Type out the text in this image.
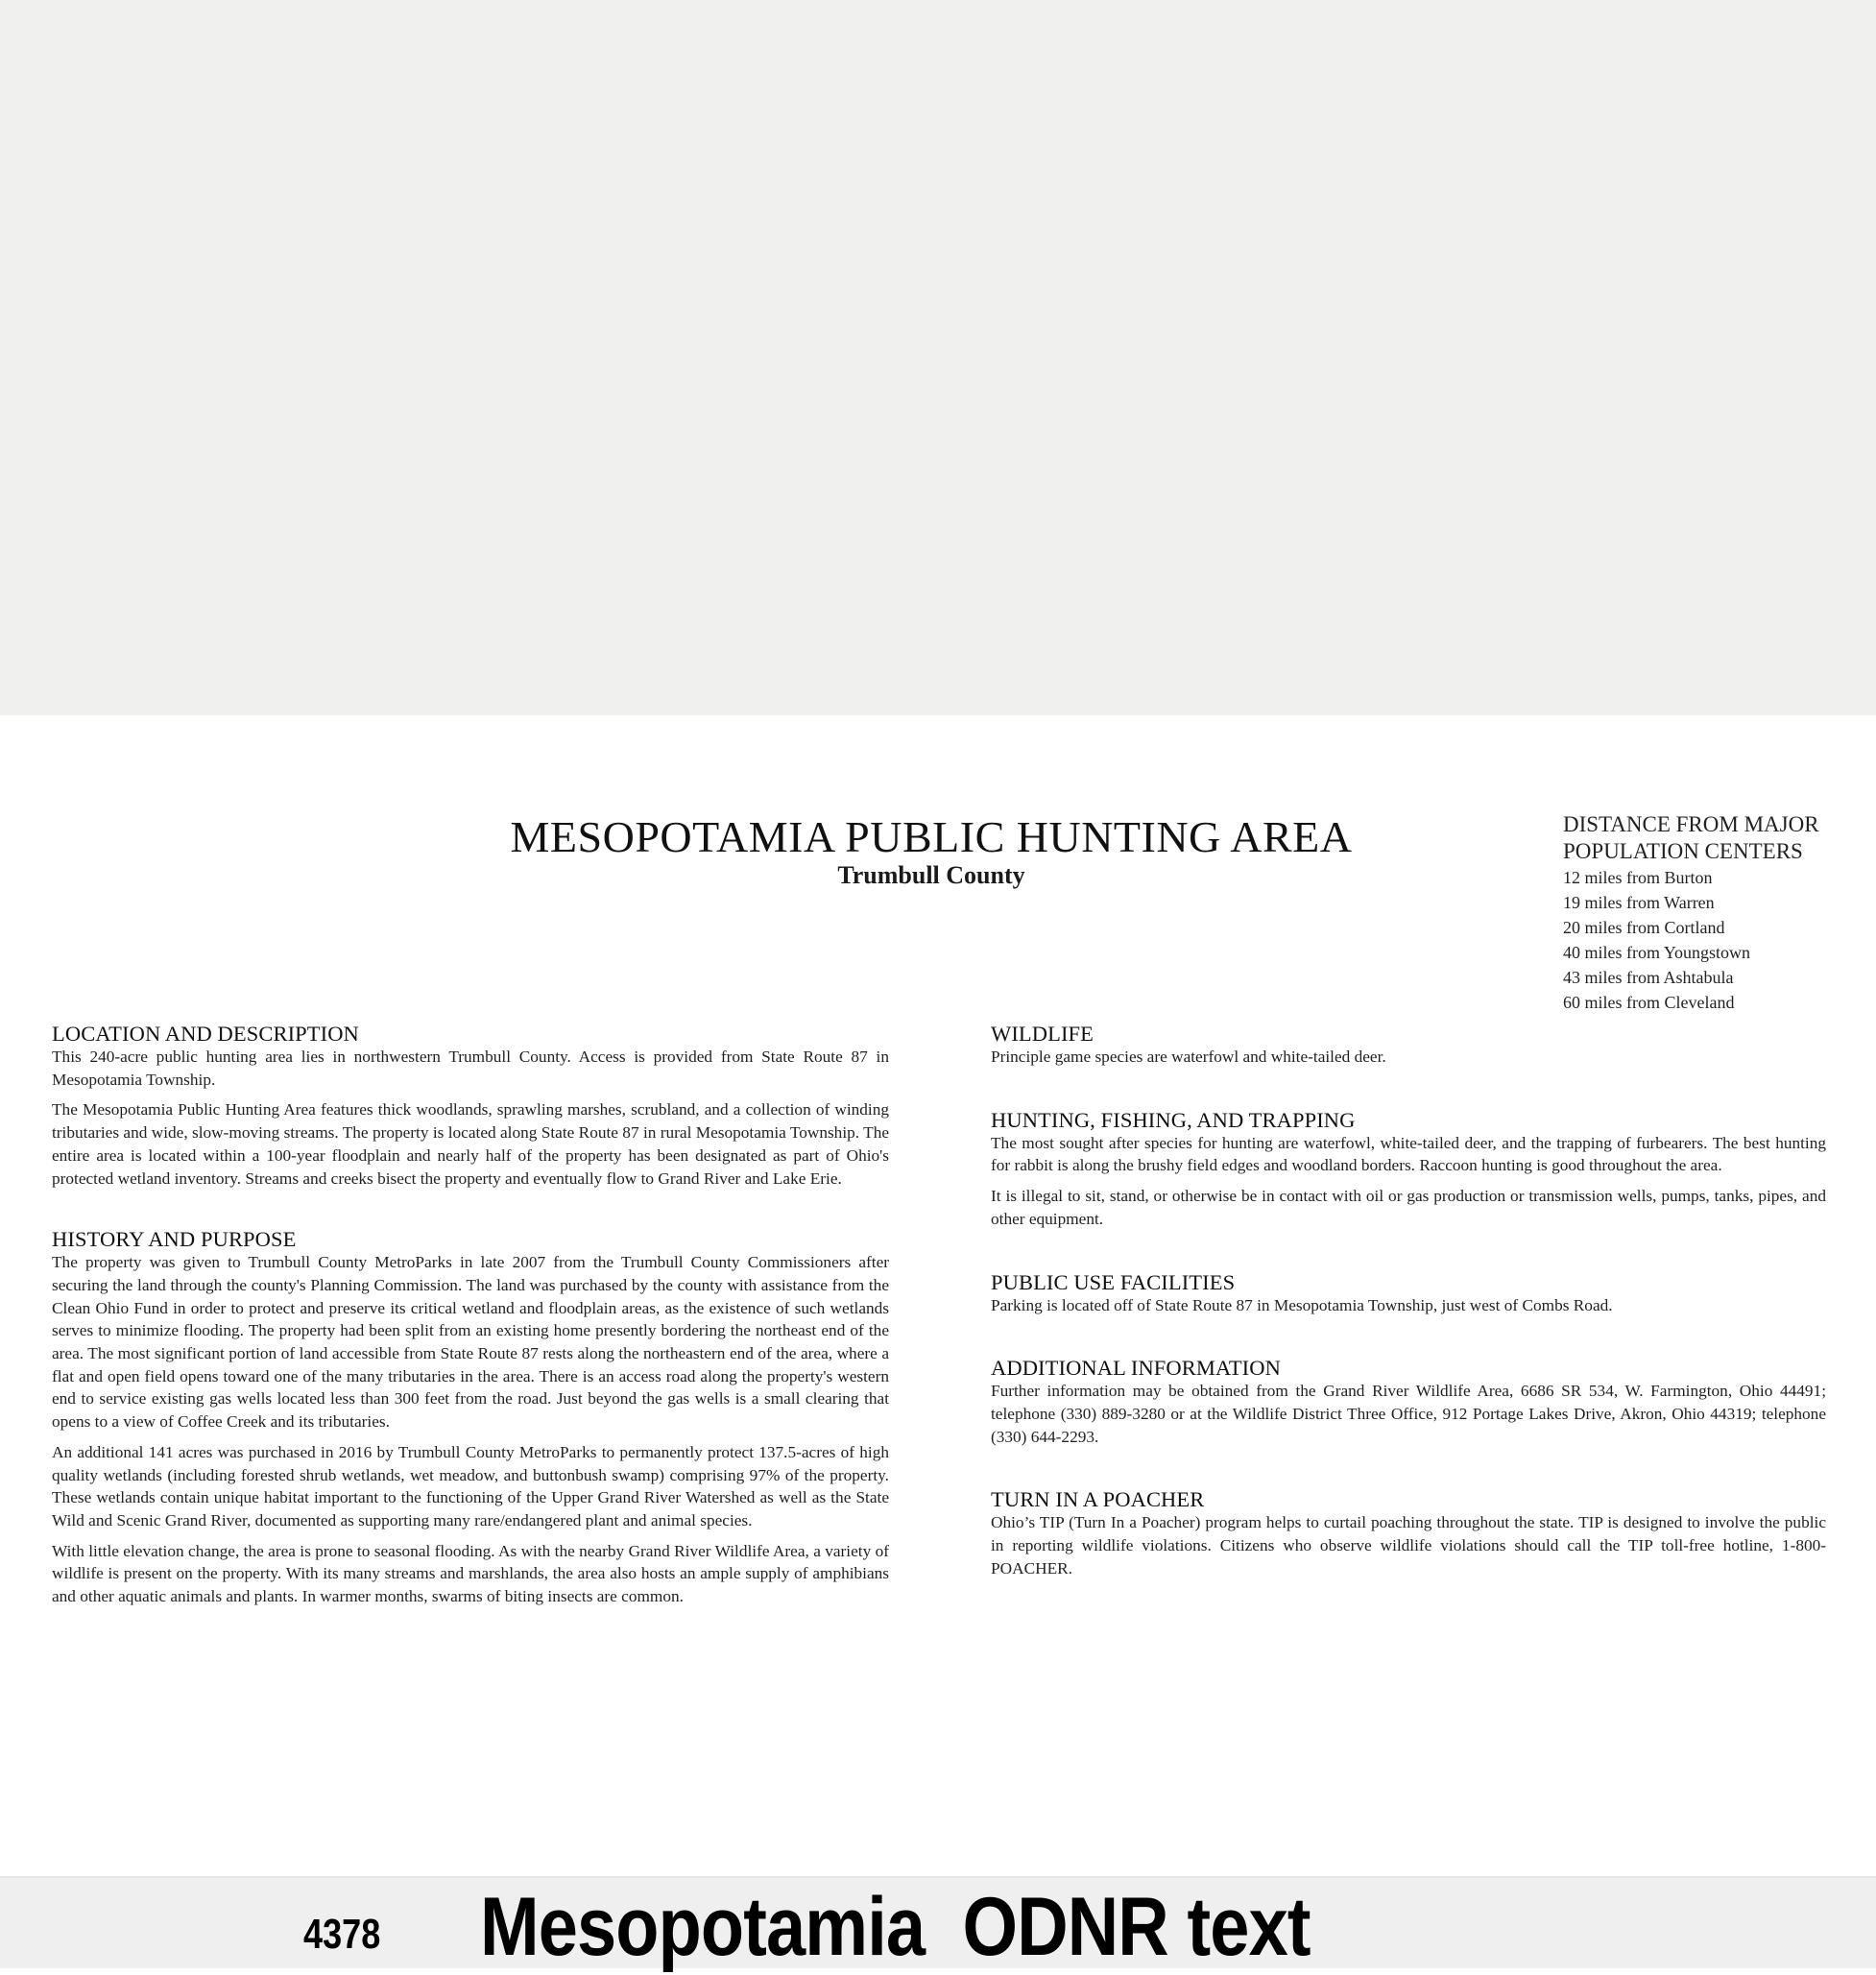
MESOPOTAMIA PUBLIC HUNTING AREA
Trumbull County
DISTANCE FROM MAJOR
POPULATION CENTERS
12 miles from Burton
19 miles from Warren
20 miles from Cortland
40 miles from Youngstown
43 miles from Ashtabula
60 miles from Cleveland
LOCATION AND DESCRIPTION

This 240-acre public hunting area lies in northwestern Trumbull County. Access is provided from State Route 87 in Mesopotamia Township.

The Mesopotamia Public Hunting Area features thick woodlands, sprawling marshes, scrubland, and a collection of winding tributaries and wide, slow-moving streams. The property is located along State Route 87 in rural Mesopotamia Township. The entire area is located within a 100-year floodplain and nearly half of the property has been designated as part of Ohio's protected wetland inventory. Streams and creeks bisect the property and eventually flow to Grand River and Lake Erie.

HISTORY AND PURPOSE

The property was given to Trumbull County MetroParks in late 2007 from the Trumbull County Commissioners after securing the land through the county's Planning Commission. The land was purchased by the county with assistance from the Clean Ohio Fund in order to protect and preserve its critical wetland and floodplain areas, as the existence of such wetlands serves to minimize flooding. The property had been split from an existing home presently bordering the northeast end of the area. The most significant portion of land accessible from State Route 87 rests along the northeastern end of the area, where a flat and open field opens toward one of the many tributaries in the area. There is an access road along the property's western end to service existing gas wells located less than 300 feet from the road. Just beyond the gas wells is a small clearing that opens to a view of Coffee Creek and its tributaries.

An additional 141 acres was purchased in 2016 by Trumbull County MetroParks to permanently protect 137.5-acres of high quality wetlands (including forested shrub wetlands, wet meadow, and buttonbush swamp) comprising 97% of the property. These wetlands contain unique habitat important to the functioning of the Upper Grand River Watershed as well as the State Wild and Scenic Grand River, documented as supporting many rare/endangered plant and animal species.

With little elevation change, the area is prone to seasonal flooding. As with the nearby Grand River Wildlife Area, a variety of wildlife is present on the property. With its many streams and marshlands, the area also hosts an ample supply of amphibians and other aquatic animals and plants. In warmer months, swarms of biting insects are common.

WILDLIFE

Principle game species are waterfowl and white-tailed deer.

HUNTING, FISHING, AND TRAPPING

The most sought after species for hunting are waterfowl, white-tailed deer, and the trapping of furbearers. The best hunting for rabbit is along the brushy field edges and woodland borders. Raccoon hunting is good throughout the area.

It is illegal to sit, stand, or otherwise be in contact with oil or gas production or transmission wells, pumps, tanks, pipes, and other equipment.

PUBLIC USE FACILITIES

Parking is located off of State Route 87 in Mesopotamia Township, just west of Combs Road.

ADDITIONAL INFORMATION

Further information may be obtained from the Grand River Wildlife Area, 6686 SR 534, W. Farmington, Ohio 44491; telephone (330) 889-3280 or at the Wildlife District Three Office, 912 Portage Lakes Drive, Akron, Ohio 44319; telephone (330) 644-2293.

TURN IN A POACHER

Ohio’s TIP (Turn In a Poacher) program helps to curtail poaching throughout the state. TIP is designed to involve the public in reporting wildlife violations. Citizens who observe wildlife violations should call the TIP toll-free hotline, 1-800-POACHER.

4378 Mesopotamia  ODNR text
